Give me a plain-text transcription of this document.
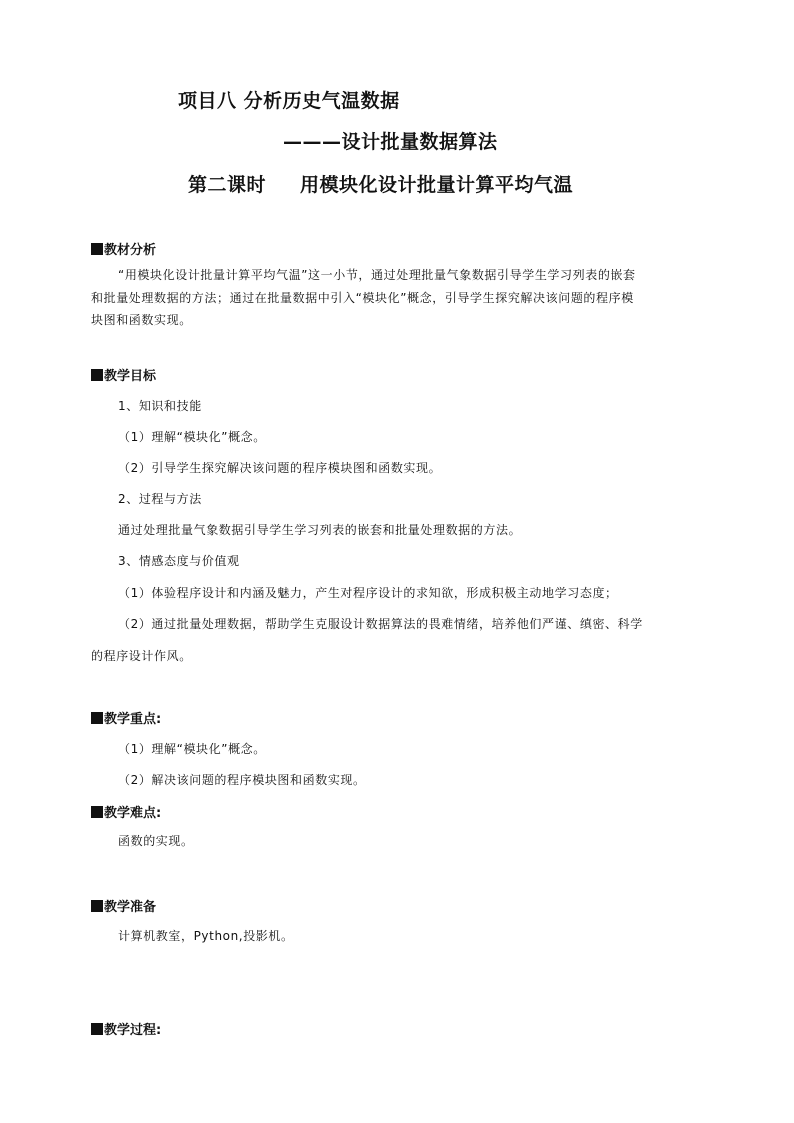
项目八 分析历史气温数据
———设计批量数据算法
第二课时 用模块化设计批量计算平均气温
教材分析
“用模块化设计批量计算平均气温”这一小节，通过处理批量气象数据引导学生学习列表的嵌套
和批量处理数据的方法；通过在批量数据中引入“模块化”概念，引导学生探究解决该问题的程序模
块图和函数实现。
教学目标
1、知识和技能
（1）理解“模块化”概念。
（2）引导学生探究解决该问题的程序模块图和函数实现。
2、过程与方法
通过处理批量气象数据引导学生学习列表的嵌套和批量处理数据的方法。
3、情感态度与价值观
（1）体验程序设计和内涵及魅力，产生对程序设计的求知欲，形成积极主动地学习态度；
（2）通过批量处理数据，帮助学生克服设计数据算法的畏难情绪，培养他们严谨、缜密、科学
的程序设计作风。
教学重点:
（1）理解“模块化”概念。
（2）解决该问题的程序模块图和函数实现。
教学难点:
函数的实现。
教学准备
计算机教室，Python,投影机。
教学过程:
